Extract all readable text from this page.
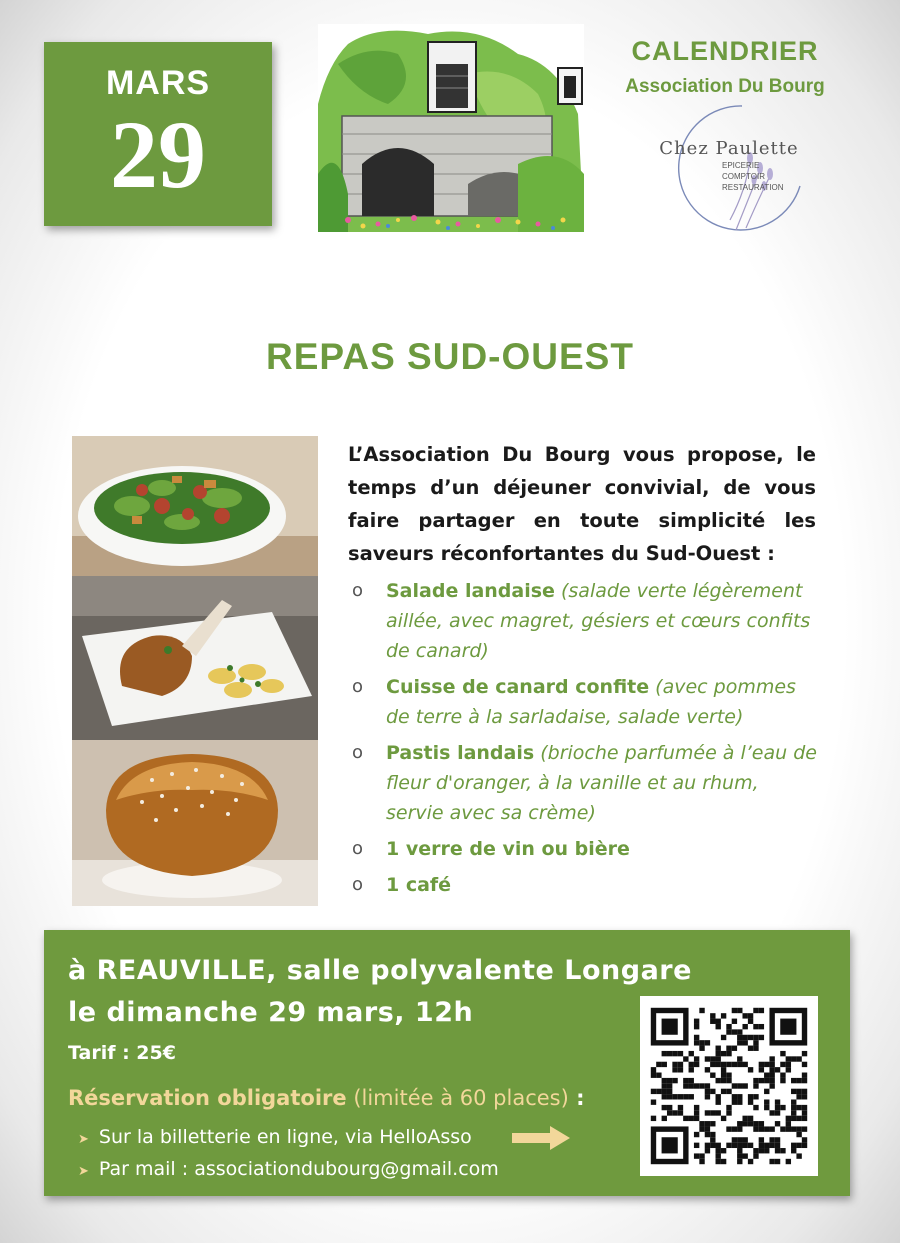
MARS
29
CALENDRIER
Association Du Bourg
Chez Paulette
EPICERIE
COMPTOIR
RESTAURATION
REPAS SUD-OUEST
L’Association Du Bourg vous propose, le temps d’un déjeuner convivial, de vous faire partager en toute simplicité les saveurs réconfortantes du Sud-Ouest :
o Salade landaise (salade verte légèrement aillée, avec magret, gésiers et cœurs confits de canard)
o Cuisse de canard confite (avec pommes de terre à la sarladaise, salade verte)
o Pastis landais (brioche parfumée à l’eau de fleur d'oranger, à la vanille et au rhum, servie avec sa crème)
o 1 verre de vin ou bière
o 1 café
à REAUVILLE, salle polyvalente Longare
le dimanche 29 mars, 12h
Tarif : 25€
Réservation obligatoire (limitée à 60 places) :
➤ Sur la billetterie en ligne, via HelloAsso
➤ Par mail : associationdubourg@gmail.com
